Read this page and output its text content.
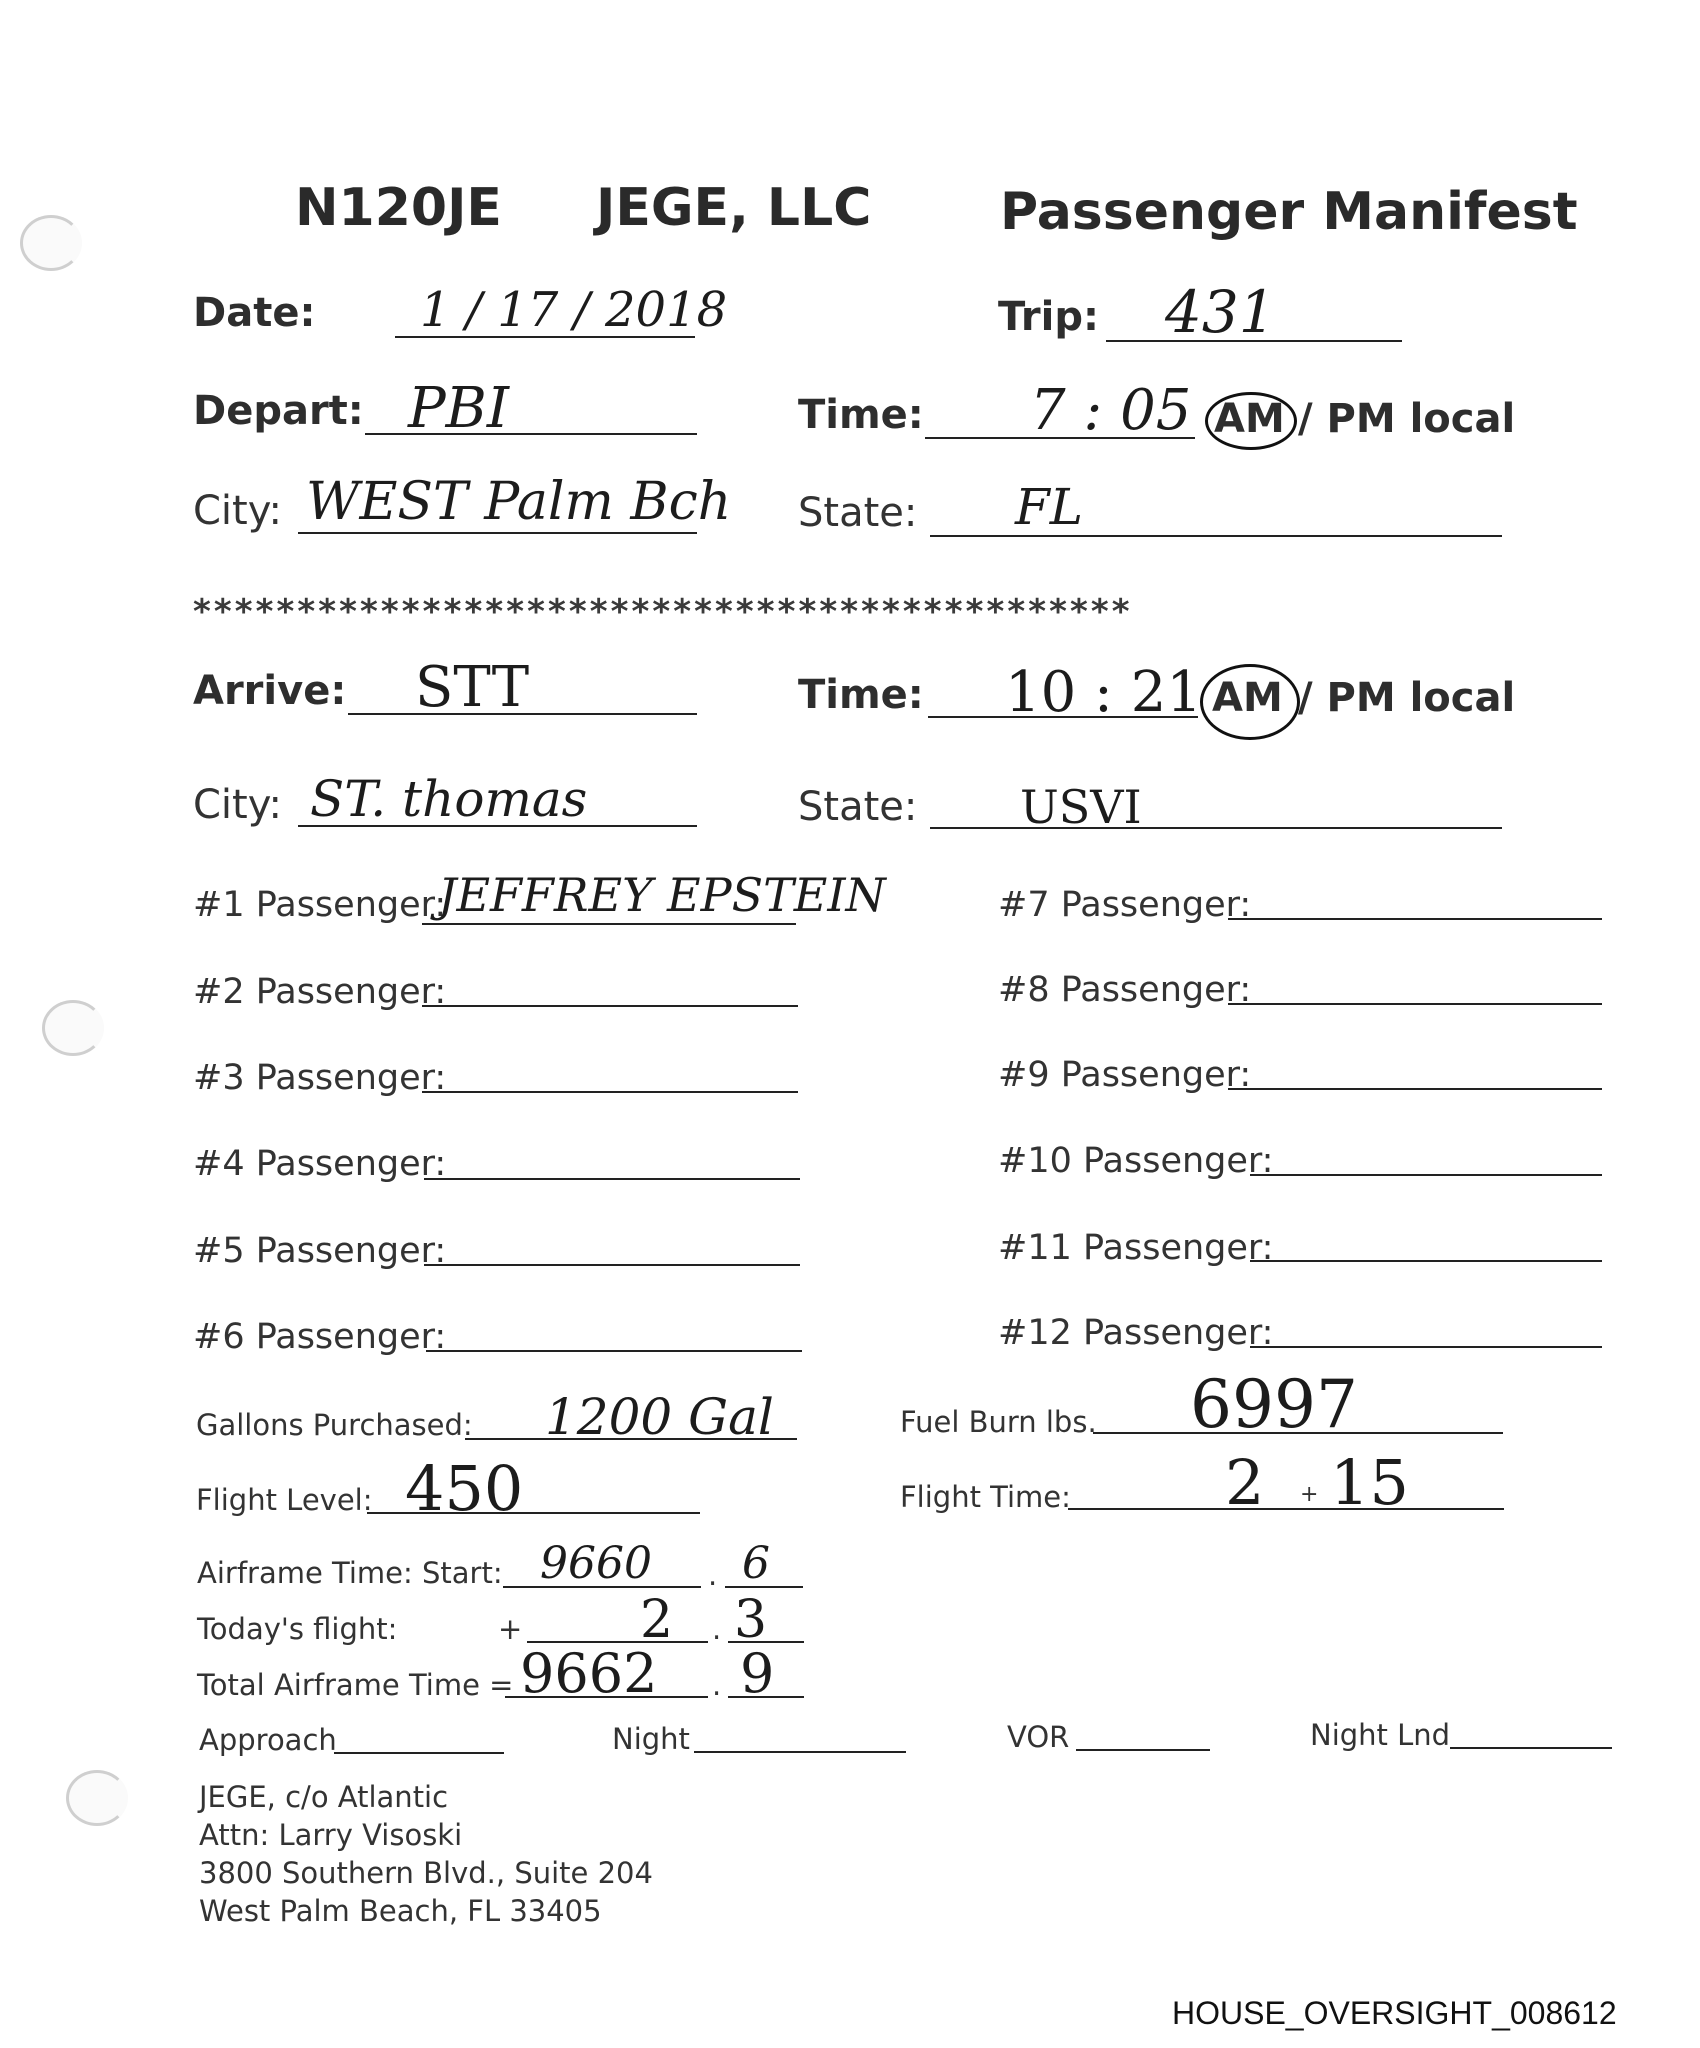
N120JE JEGE, LLC Passenger Manifest
Date: 1 / 17 / 2018	Trip: 431
Depart: PBI	Time: 7 : 05 AM / PM local
City: WEST Palm Bch State: FL
*********************************************
Arrive: STT	Time: 10 : 21 AM / PM local
City: ST. thomas	State: USVI
#1 Passenger:
JEFFREY EPSTEIN
#2 Passenger:
#3 Passenger:
#4 Passenger:
#5 Passenger:
#6 Passenger:
#7 Passenger:
#8 Passenger:
#9 Passenger:
#10 Passenger:
#11 Passenger:
#12 Passenger:
Gallons Purchased: 1200 Gal	Fuel Burn lbs. 6997
Flight Level: 450	Flight Time: 2 + 15
Airframe Time: Start: 9660 . 6
Today's flight:	+ 2 . 3
Total Airframe Time = 9662 . 9
Approach	Night	VOR	Night Lnd
JEGE, c/o Atlantic
Attn: Larry Visoski
3800 Southern Blvd., Suite 204
West Palm Beach, FL 33405
HOUSE_OVERSIGHT_008612
